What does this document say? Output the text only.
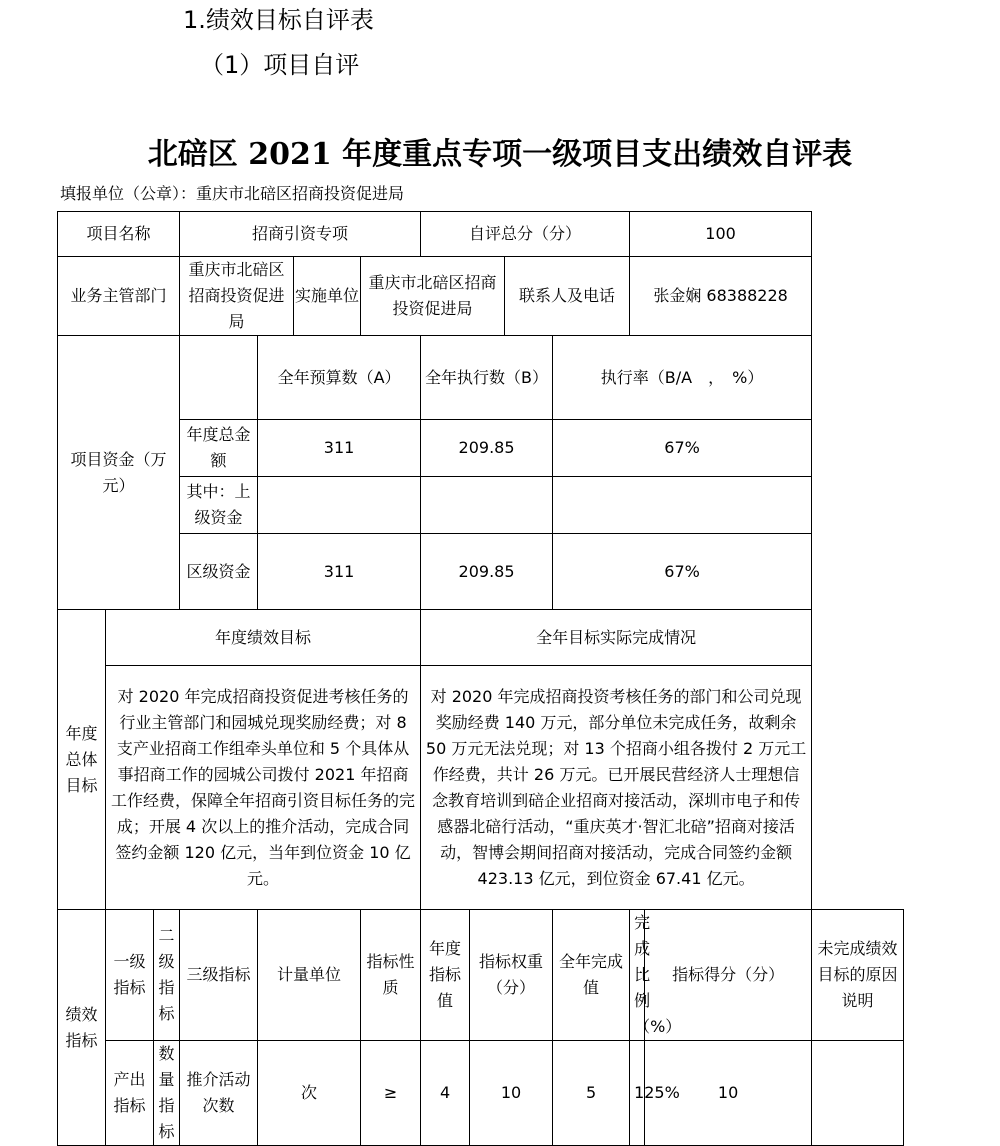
1.绩效目标自评表
（1）项目自评
北碚区 2021 年度重点专项一级项目支出绩效自评表
填报单位（公章）：重庆市北碚区招商投资促进局
项目名称			招商引资专项				自评总分（分）				100		
业务主管部门			重庆市北碚区招商投资促进局		实施单位	重庆市北碚区招商投资促进局			联系人及电话		张金娴 68388228		
项目资金（万元）				全年预算数（A）			全年执行数（B）			执行率（B/A　，　%）			
			年度总金额	311			209.85			67%			
			其中：上级资金										
			区级资金	311			209.85			67%			
年度总体目标	年度绩效目标						全年目标实际完成情况						
	对 2020 年完成招商投资促进考核任务的行业主管部门和园城兑现奖励经费；对 8 支产业招商工作组牵头单位和 5 个具体从事招商工作的园城公司拨付 2021 年招商工作经费，保障全年招商引资目标任务的完成；开展 4 次以上的推介活动，完成合同签约金额 120 亿元，当年到位资金 10 亿元。						对 2020 年完成招商投资考核任务的部门和公司兑现奖励经费 140 万元，部分单位未完成任务，故剩余 50 万元无法兑现；对 13 个招商小组各拨付 2 万元工作经费，共计 26 万元。已开展民营经济人士理想信念教育培训到碚企业招商对接活动，深圳市电子和传感器北碚行活动，“重庆英才·智汇北碚”招商对接活动，智博会期间招商对接活动，完成合同签约金额 423.13 亿元，到位资金 67.41 亿元。						
绩效指标	一级指标	二级指标	三级指标	计量单位		指标性质	年度指标值	指标权重（分）		全年完成值	完成比例（%）	指标得分（分）	未完成绩效目标的原因说明
	产出指标	数量指标	推介活动次数	次		≥	4	10		5	125%	10	
